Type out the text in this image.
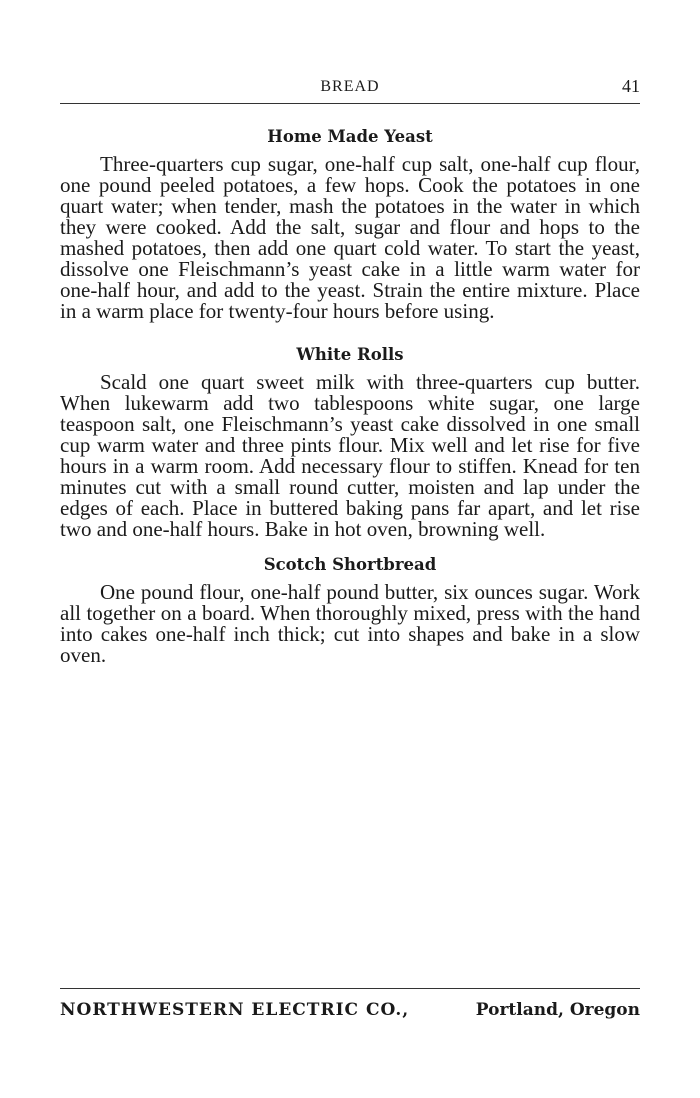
BREAD	41
Home Made Yeast

Three-quarters cup sugar, one-half cup salt, one-half cup flour, one pound peeled potatoes, a few hops. Cook the potatoes in one quart water; when tender, mash the potatoes in the water in which they were cooked. Add the salt, sugar and flour and hops to the mashed potatoes, then add one quart cold water. To start the yeast, dissolve one Fleischmann’s yeast cake in a little warm water for one-half hour, and add to the yeast. Strain the entire mixture. Place in a warm place for twenty-four hours before using.

White Rolls

Scald one quart sweet milk with three-quarters cup butter. When lukewarm add two tablespoons white sugar, one large teaspoon salt, one Fleischmann’s yeast cake dissolved in one small cup warm water and three pints flour. Mix well and let rise for five hours in a warm room. Add necessary flour to stiffen. Knead for ten minutes cut with a small round cutter, moisten and lap under the edges of each. Place in buttered baking pans far apart, and let rise two and one-half hours. Bake in hot oven, browning well.

Scotch Shortbread

One pound flour, one-half pound butter, six ounces sugar. Work all together on a board. When thoroughly mixed, press with the hand into cakes one-half inch thick; cut into shapes and bake in a slow oven.

NORTHWESTERN ELECTRIC CO.,	Portland, Oregon
